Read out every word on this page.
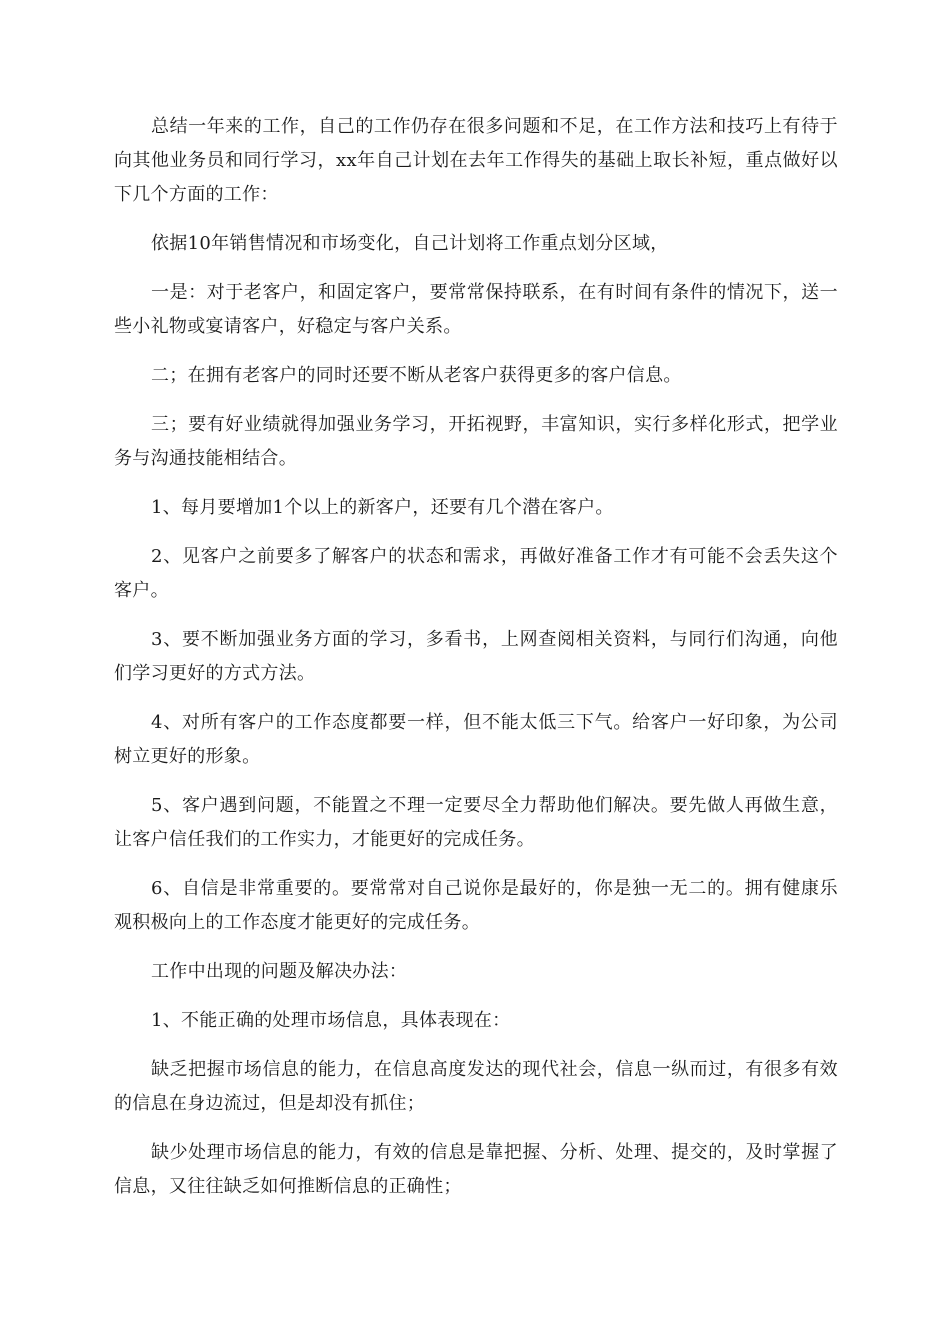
总结一年来的工作，自己的工作仍存在很多问题和不足，在工作方法和技巧上有待于向其他业务员和同行学习，xx年自己计划在去年工作得失的基础上取长补短，重点做好以下几个方面的工作：

依据10年销售情况和市场变化，自己计划将工作重点划分区域，

一是：对于老客户，和固定客户，要常常保持联系，在有时间有条件的情况下，送一些小礼物或宴请客户，好稳定与客户关系。

二；在拥有老客户的同时还要不断从老客户获得更多的客户信息。

三；要有好业绩就得加强业务学习，开拓视野，丰富知识，实行多样化形式，把学业务与沟通技能相结合。

1、每月要增加1个以上的新客户，还要有几个潜在客户。

2、见客户之前要多了解客户的状态和需求，再做好准备工作才有可能不会丢失这个客户。

3、要不断加强业务方面的学习，多看书，上网查阅相关资料，与同行们沟通，向他们学习更好的方式方法。

4、对所有客户的工作态度都要一样，但不能太低三下气。给客户一好印象，为公司树立更好的形象。

5、客户遇到问题，不能置之不理一定要尽全力帮助他们解决。要先做人再做生意，让客户信任我们的工作实力，才能更好的完成任务。

6、自信是非常重要的。要常常对自己说你是最好的，你是独一无二的。拥有健康乐观积极向上的工作态度才能更好的完成任务。

工作中出现的问题及解决办法：

1、不能正确的处理市场信息，具体表现在：

缺乏把握市场信息的能力，在信息高度发达的现代社会，信息一纵而过，有很多有效的信息在身边流过，但是却没有抓住；

缺少处理市场信息的能力，有效的信息是靠把握、分析、处理、提交的，及时掌握了信息，又往往缺乏如何推断信息的正确性；
